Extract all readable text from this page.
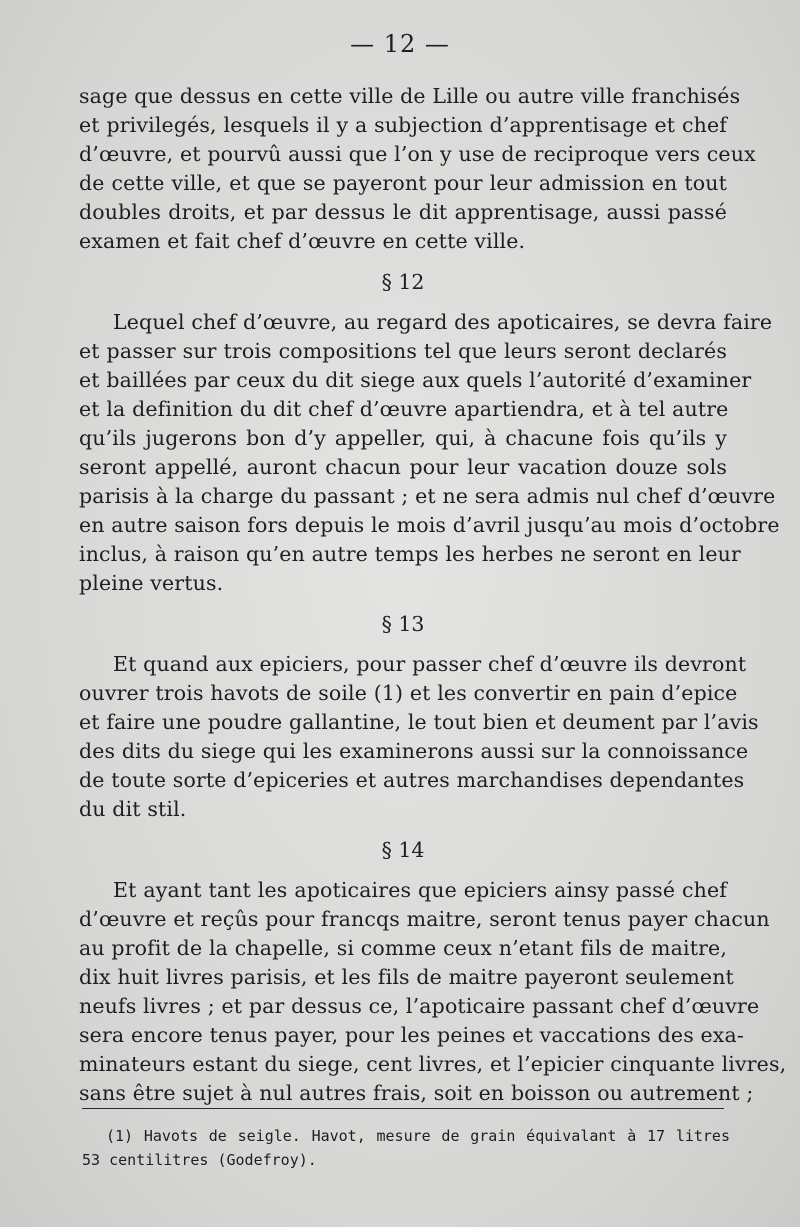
— 12 —
sage que dessus en cette ville de Lille ou autre ville franchisés
et privilegés, lesquels il y a subjection d’apprentisage et chef
d’œuvre, et pourvû aussi que l’on y use de reciproque vers ceux
de cette ville, et que se payeront pour leur admission en tout
doubles droits, et par dessus le dit apprentisage, aussi passé
examen et fait chef d’œuvre en cette ville.
§ 12
Lequel chef d’œuvre, au regard des apoticaires, se devra faire
et passer sur trois compositions tel que leurs seront declarés
et baillées par ceux du dit siege aux quels l’autorité d’examiner
et la definition du dit chef d’œuvre apartiendra, et à tel autre
qu’ils jugerons bon d’y appeller, qui, à chacune fois qu’ils y
seront appellé, auront chacun pour leur vacation douze sols
parisis à la charge du passant ; et ne sera admis nul chef d’œuvre
en autre saison fors depuis le mois d’avril jusqu’au mois d’octobre
inclus, à raison qu’en autre temps les herbes ne seront en leur
pleine vertus.
§ 13
Et quand aux epiciers, pour passer chef d’œuvre ils devront
ouvrer trois havots de soile (1) et les convertir en pain d’epice
et faire une poudre gallantine, le tout bien et deument par l’avis
des dits du siege qui les examinerons aussi sur la connoissance
de toute sorte d’epiceries et autres marchandises dependantes
du dit stil.
§ 14
Et ayant tant les apoticaires que epiciers ainsy passé chef
d’œuvre et reçûs pour francqs maitre, seront tenus payer chacun
au profit de la chapelle, si comme ceux n’etant fils de maitre,
dix huit livres parisis, et les fils de maitre payeront seulement
neufs livres ; et par dessus ce, l’apoticaire passant chef d’œuvre
sera encore tenus payer, pour les peines et vaccations des exa-
minateurs estant du siege, cent livres, et l’epicier cinquante livres,
sans être sujet à nul autres frais, soit en boisson ou autrement ;
(1) Havots de seigle. Havot, mesure de grain équivalant à 17 litres
53 centilitres (Godefroy).
